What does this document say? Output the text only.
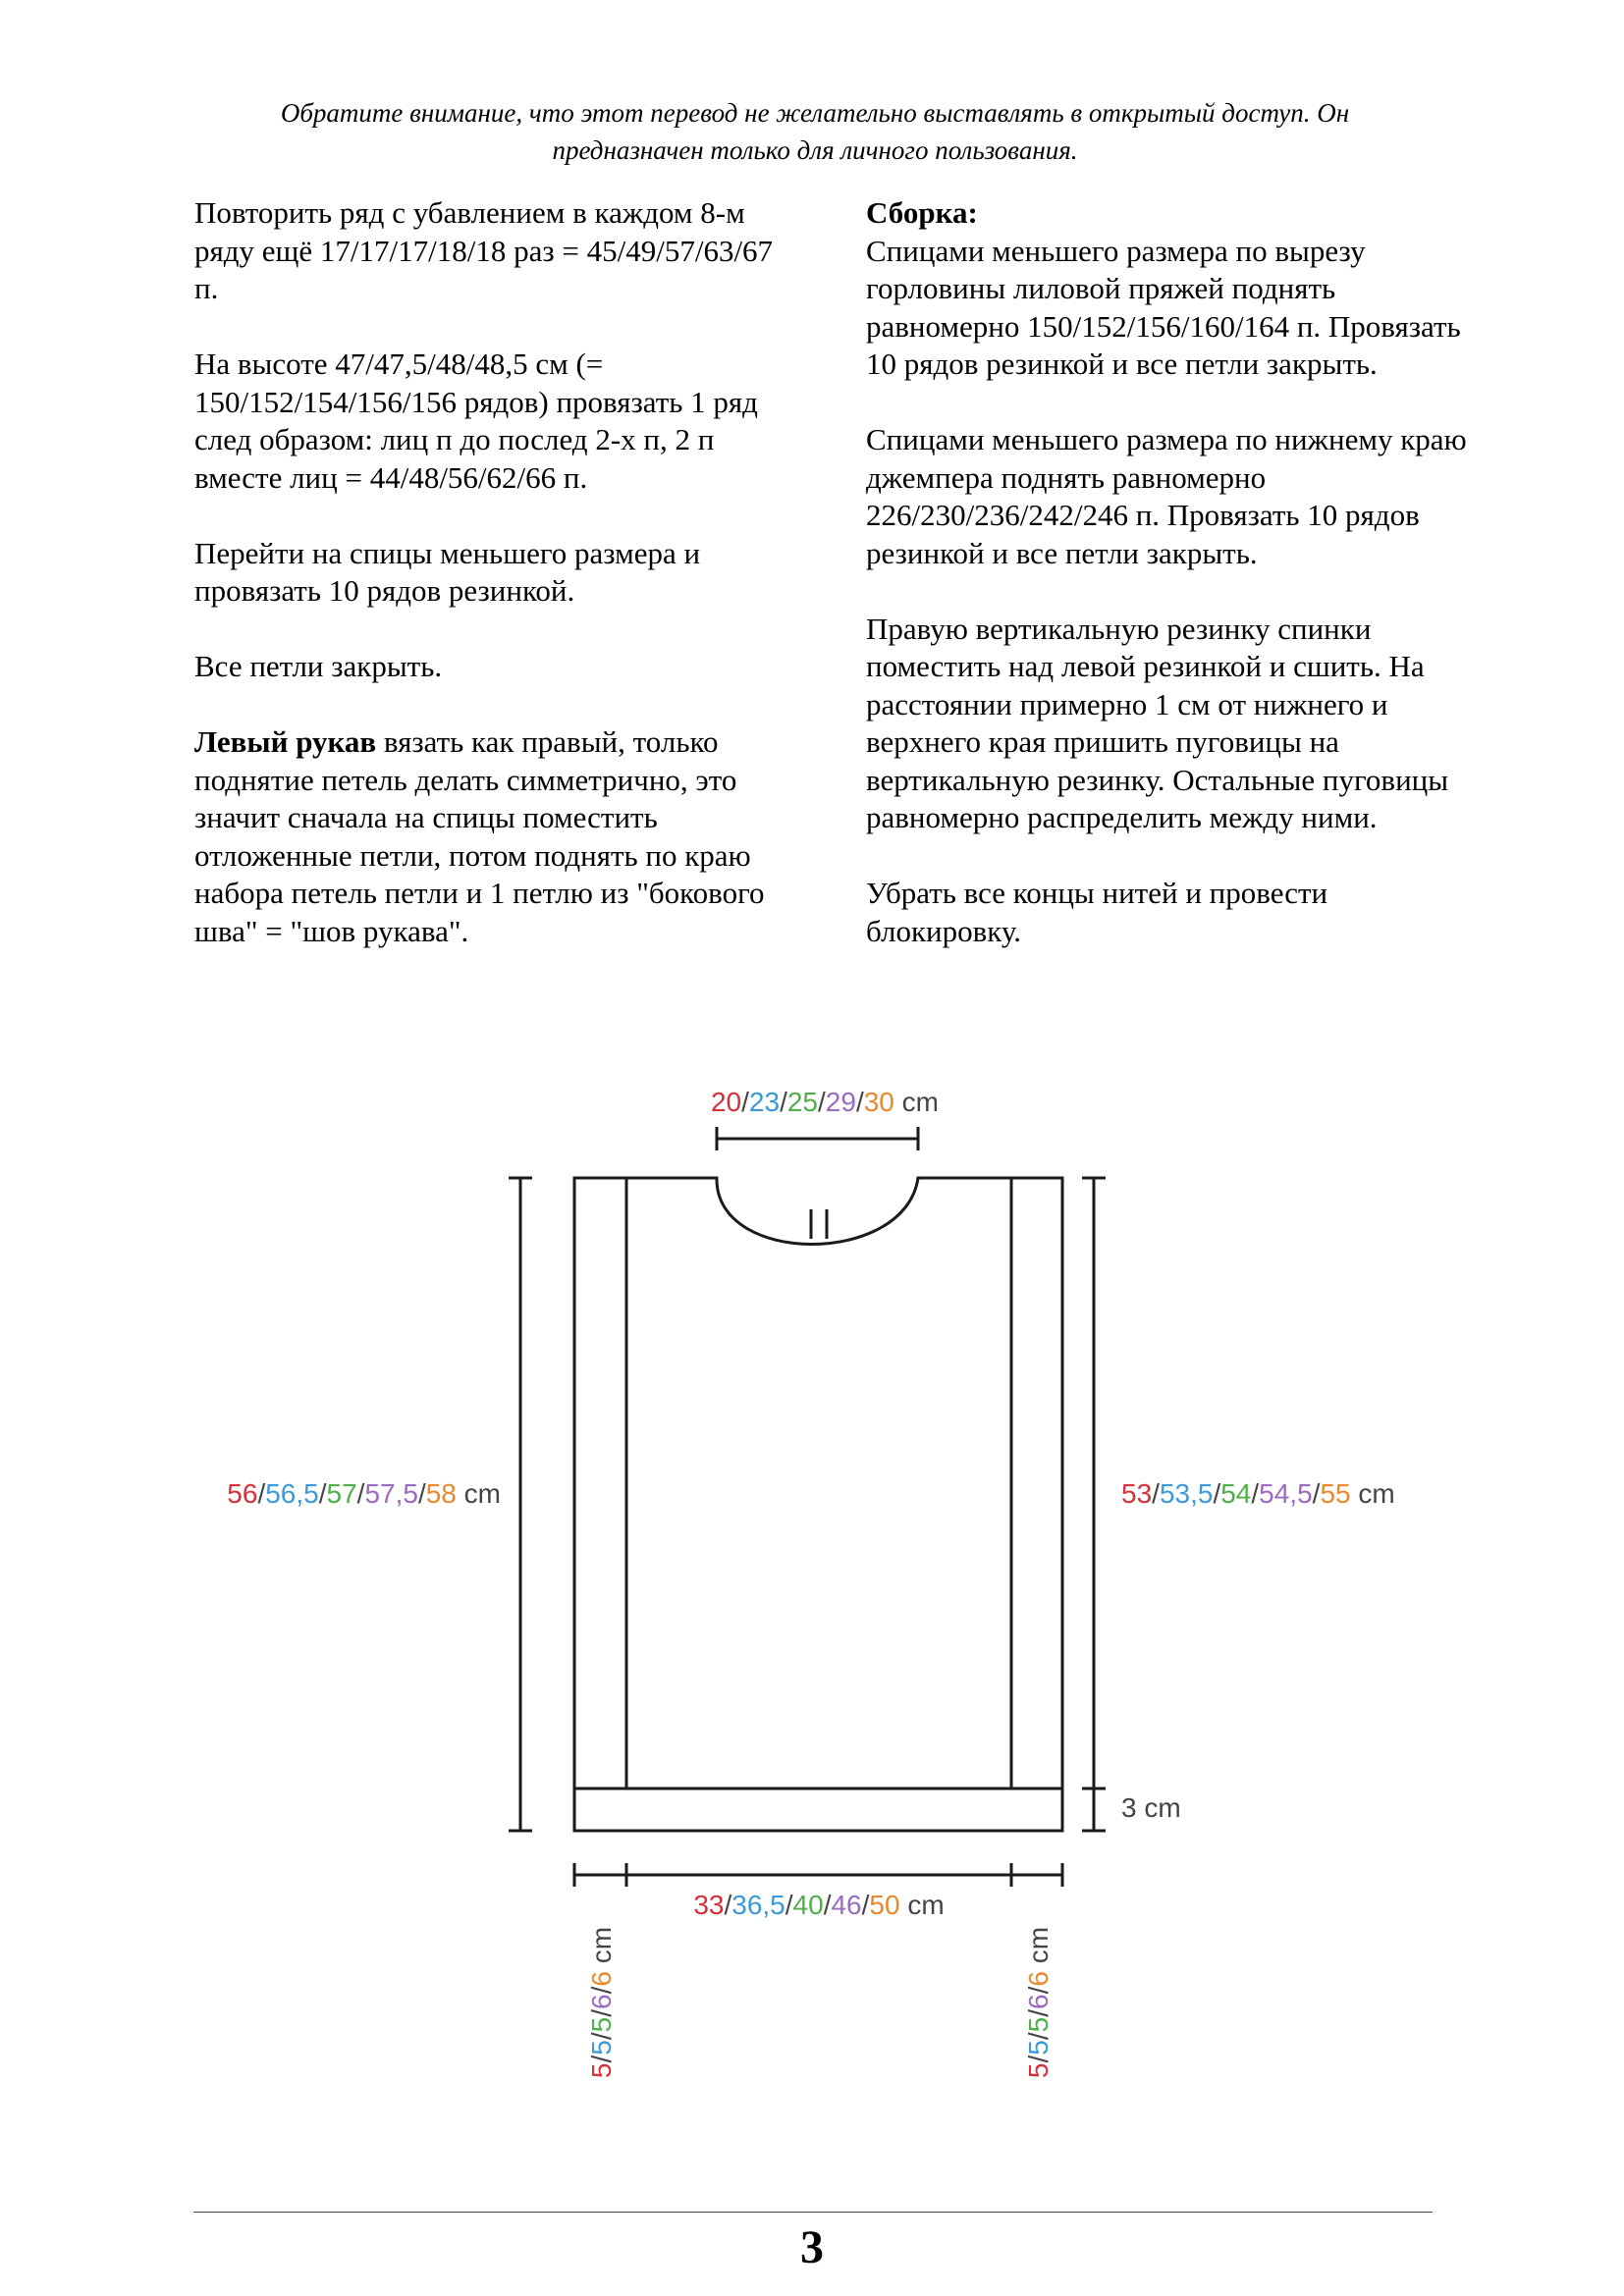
Обратите внимание, что этот перевод не желательно выставлять в открытый доступ. Он
предназначен только для личного пользования.

Повторить ряд с убавлением в каждом 8-м ряду ещё 17/17/17/18/18 раз = 45/49/57/63/67 п.

На высоте 47/47,5/48/48,5 см (= 150/152/154/156/156 рядов) провязать 1 ряд след образом: лиц п до послед 2-х п, 2 п вместе лиц = 44/48/56/62/66 п.

Перейти на спицы меньшего размера и провязать 10 рядов резинкой.

Все петли закрыть.

Левый рукав вязать как правый, только поднятие петель делать симметрично, это значит сначала на спицы поместить отложенные петли, потом поднять по краю набора петель петли и 1 петлю из "бокового шва" = "шов рукава".

Сборка:

Спицами меньшего размера по вырезу горловины лиловой пряжей поднять равномерно 150/152/156/160/164 п. Провязать 10 рядов резинкой и все петли закрыть.

Спицами меньшего размера по нижнему краю джемпера поднять равномерно 226/230/236/242/246 п. Провязать 10 рядов резинкой и все петли закрыть.

Правую вертикальную резинку спинки поместить над левой резинкой и сшить. На расстоянии примерно 1 см от нижнего и верхнего края пришить пуговицы на вертикальную резинку. Остальные пуговицы равномерно распределить между ними.

Убрать все концы нитей и провести блокировку.

20/23/25/29/30 cm
56/56,5/57/57,5/58 cm	53/53,5/54/54,5/55 cm
3 cm
33/36,5/40/46/50 cm
5/5/5/6/6 cm
5/5/5/6/6 cm
3
